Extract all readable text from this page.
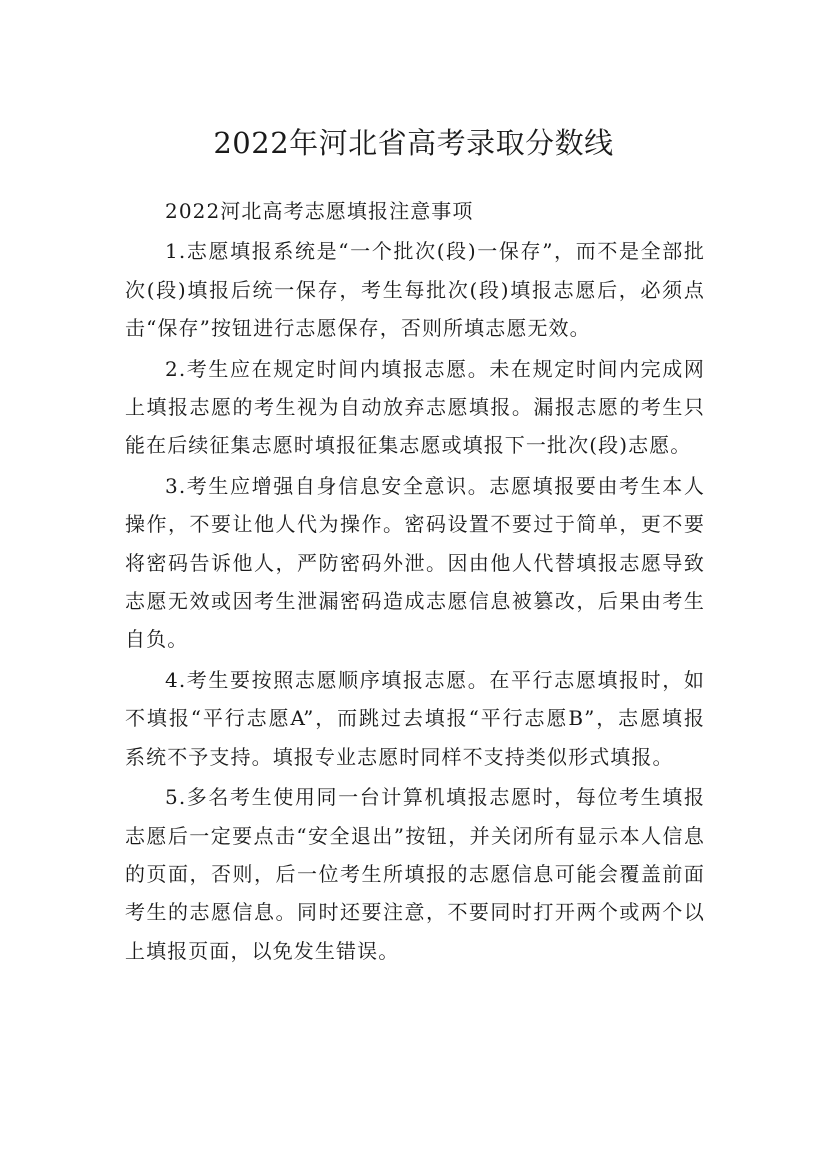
2022年河北省高考录取分数线

2022河北高考志愿填报注意事项

1.志愿填报系统是“一个批次(段)一保存”，而不是全部批次(段)填报后统一保存，考生每批次(段)填报志愿后，必须点击“保存”按钮进行志愿保存，否则所填志愿无效。

2.考生应在规定时间内填报志愿。未在规定时间内完成网上填报志愿的考生视为自动放弃志愿填报。漏报志愿的考生只能在后续征集志愿时填报征集志愿或填报下一批次(段)志愿。

3.考生应增强自身信息安全意识。志愿填报要由考生本人操作，不要让他人代为操作。密码设置不要过于简单，更不要将密码告诉他人，严防密码外泄。因由他人代替填报志愿导致志愿无效或因考生泄漏密码造成志愿信息被篡改，后果由考生自负。

4.考生要按照志愿顺序填报志愿。在平行志愿填报时，如不填报“平行志愿A”，而跳过去填报“平行志愿B”，志愿填报系统不予支持。填报专业志愿时同样不支持类似形式填报。

5.多名考生使用同一台计算机填报志愿时，每位考生填报志愿后一定要点击“安全退出”按钮，并关闭所有显示本人信息的页面，否则，后一位考生所填报的志愿信息可能会覆盖前面考生的志愿信息。同时还要注意，不要同时打开两个或两个以上填报页面，以免发生错误。
